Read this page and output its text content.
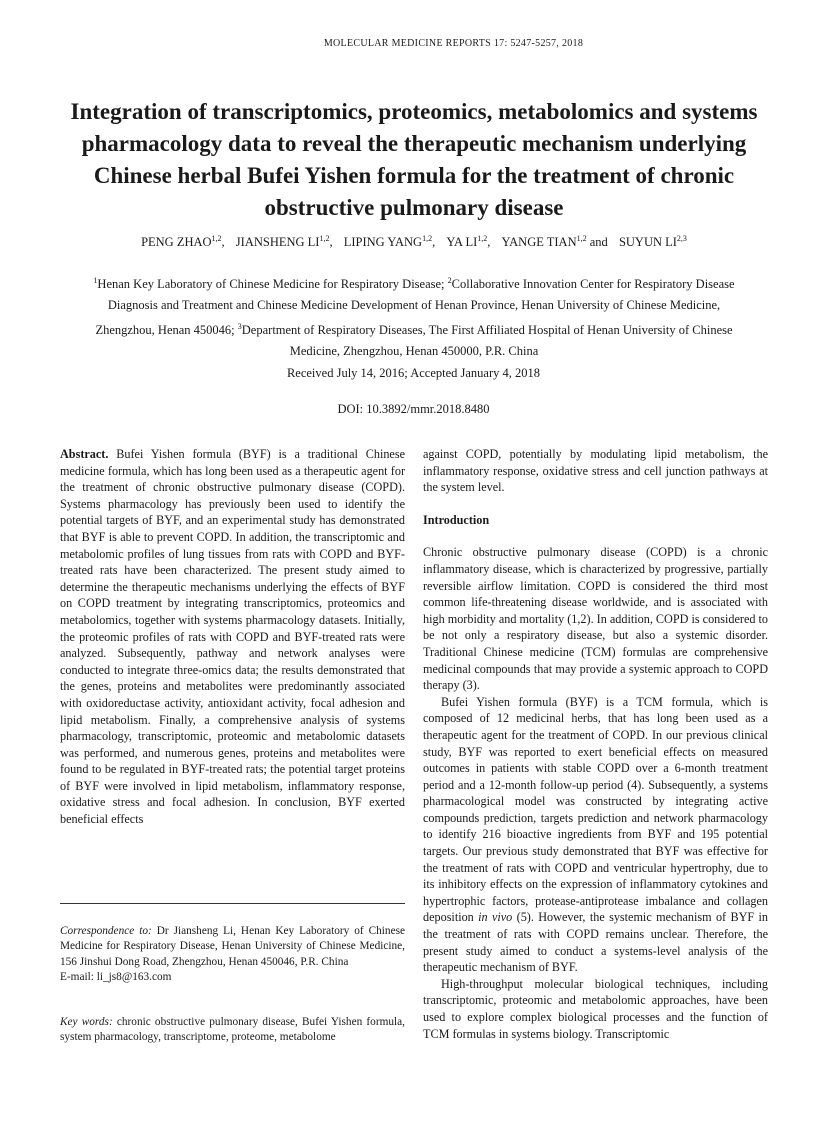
MOLECULAR MEDICINE REPORTS 17: 5247-5257, 2018
Integration of transcriptomics, proteomics, metabolomics and systems pharmacology data to reveal the therapeutic mechanism underlying Chinese herbal Bufei Yishen formula for the treatment of chronic obstructive pulmonary disease
PENG ZHAO$^{1,2}$, JIANSHENG LI$^{1,2}$, LIPING YANG$^{1,2}$, YA LI$^{1,2}$, YANGE TIAN$^{1,2}$ and SUYUN LI$^{2,3}$
$^1$Henan Key Laboratory of Chinese Medicine for Respiratory Disease; $^2$Collaborative Innovation Center for Respiratory Disease Diagnosis and Treatment and Chinese Medicine Development of Henan Province, Henan University of Chinese Medicine, Zhengzhou, Henan 450046; $^3$Department of Respiratory Diseases, The First Affiliated Hospital of Henan University of Chinese Medicine, Zhengzhou, Henan 450000, P.R. China
Received July 14, 2016; Accepted January 4, 2018
DOI: 10.3892/mmr.2018.8480

Abstract. Bufei Yishen formula (BYF) is a traditional Chinese medicine formula, which has long been used as a therapeutic agent for the treatment of chronic obstructive pulmonary disease (COPD). Systems pharmacology has previously been used to identify the potential targets of BYF, and an experimental study has demonstrated that BYF is able to prevent COPD. In addition, the transcriptomic and metabolomic profiles of lung tissues from rats with COPD and BYF-treated rats have been characterized. The present study aimed to determine the therapeutic mechanisms underlying the effects of BYF on COPD treatment by integrating transcriptomics, proteomics and metabolomics, together with systems pharmacology datasets. Initially, the proteomic profiles of rats with COPD and BYF-treated rats were analyzed. Subsequently, pathway and network analyses were conducted to integrate three-omics data; the results demonstrated that the genes, proteins and metabolites were predominantly associated with oxidoreductase activity, antioxidant activity, focal adhesion and lipid metabolism. Finally, a comprehensive analysis of systems pharmacology, transcriptomic, proteomic and metabolomic datasets was performed, and numerous genes, proteins and metabolites were found to be regulated in BYF-treated rats; the potential target proteins of BYF were involved in lipid metabolism, inflammatory response, oxidative stress and focal adhesion. In conclusion, BYF exerted beneficial effects

against COPD, potentially by modulating lipid metabolism, the inflammatory response, oxidative stress and cell junction pathways at the system level.

Introduction

Chronic obstructive pulmonary disease (COPD) is a chronic inflammatory disease, which is characterized by progressive, partially reversible airflow limitation. COPD is considered the third most common life-threatening disease worldwide, and is associated with high morbidity and mortality (1,2). In addition, COPD is considered to be not only a respiratory disease, but also a systemic disorder. Traditional Chinese medicine (TCM) formulas are comprehensive medicinal compounds that may provide a systemic approach to COPD therapy (3).

Bufei Yishen formula (BYF) is a TCM formula, which is composed of 12 medicinal herbs, that has long been used as a therapeutic agent for the treatment of COPD. In our previous clinical study, BYF was reported to exert beneficial effects on measured outcomes in patients with stable COPD over a 6-month treatment period and a 12-month follow-up period (4). Subsequently, a systems pharmacological model was constructed by integrating active compounds prediction, targets prediction and network pharmacology to identify 216 bioactive ingredients from BYF and 195 potential targets. Our previous study demonstrated that BYF was effective for the treatment of rats with COPD and ventricular hypertrophy, due to its inhibitory effects on the expression of inflammatory cytokines and hypertrophic factors, protease-antiprotease imbalance and collagen deposition in vivo (5). However, the systemic mechanism of BYF in the treatment of rats with COPD remains unclear. Therefore, the present study aimed to conduct a systems-level analysis of the therapeutic mechanism of BYF.

High-throughput molecular biological techniques, including transcriptomic, proteomic and metabolomic approaches, have been used to explore complex biological processes and the function of TCM formulas in systems biology. Transcriptomic

Correspondence to: Dr Jiansheng Li, Henan Key Laboratory of Chinese Medicine for Respiratory Disease, Henan University of Chinese Medicine, 156 Jinshui Dong Road, Zhengzhou, Henan 450046, P.R. China
E-mail: li_js8@163.com
Key words: chronic obstructive pulmonary disease, Bufei Yishen formula, system pharmacology, transcriptome, proteome, metabolome
